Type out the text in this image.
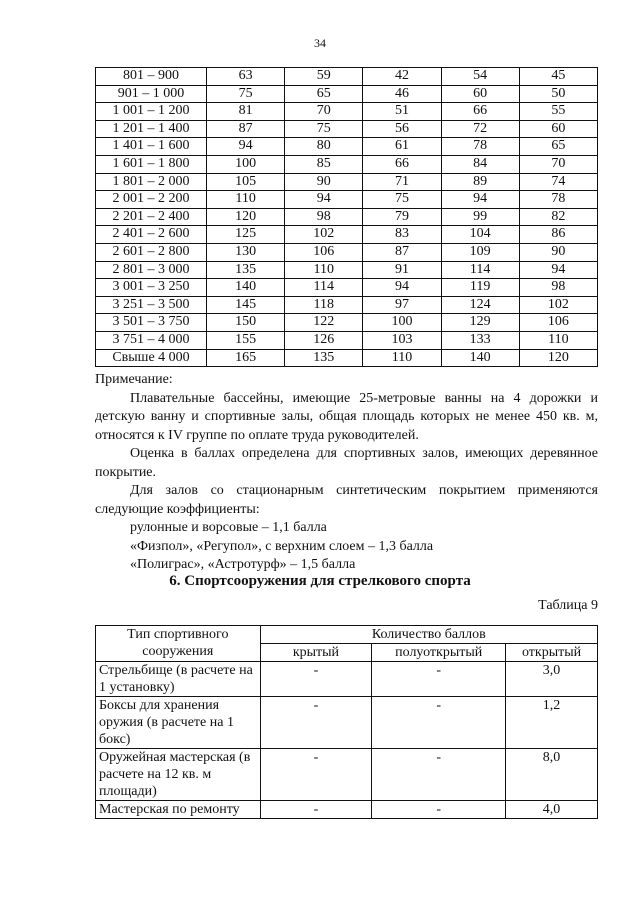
34
801 – 900	63	59	42	54	45
901 – 1 000	75	65	46	60	50
1 001 – 1 200	81	70	51	66	55
1 201 – 1 400	87	75	56	72	60
1 401 – 1 600	94	80	61	78	65
1 601 – 1 800	100	85	66	84	70
1 801 – 2 000	105	90	71	89	74
2 001 – 2 200	110	94	75	94	78
2 201 – 2 400	120	98	79	99	82
2 401 – 2 600	125	102	83	104	86
2 601 – 2 800	130	106	87	109	90
2 801 – 3 000	135	110	91	114	94
3 001 – 3 250	140	114	94	119	98
3 251 – 3 500	145	118	97	124	102
3 501 – 3 750	150	122	100	129	106
3 751 – 4 000	155	126	103	133	110
Свыше 4 000	165	135	110	140	120

Примечание:

Плавательные бассейны, имеющие 25-метровые ванны на 4 дорожки и детскую ванну и спортивные залы, общая площадь которых не менее 450 кв. м, относятся к IV группе по оплате труда руководителей.

Оценка в баллах определена для спортивных залов, имеющих деревянное покрытие.

Для залов со стационарным синтетическим покрытием применяются следующие коэффициенты:

рулонные и ворсовые – 1,1 балла

«Физпол», «Регупол», с верхним слоем – 1,3 балла

«Полиграс», «Астротурф» – 1,5 балла

6. Спортсооружения для стрелкового спорта
Таблица 9
Тип спортивного сооружения	Количество баллов		
	крытый	полуоткрытый	открытый
Стрельбище (в расчете на 1 установку)	-	-	3,0
Боксы для хранения оружия (в расчете на 1 бокс)	-	-	1,2
Оружейная мастерская (в расчете на 12 кв. м площади)	-	-	8,0
Мастерская по ремонту	-	-	4,0
